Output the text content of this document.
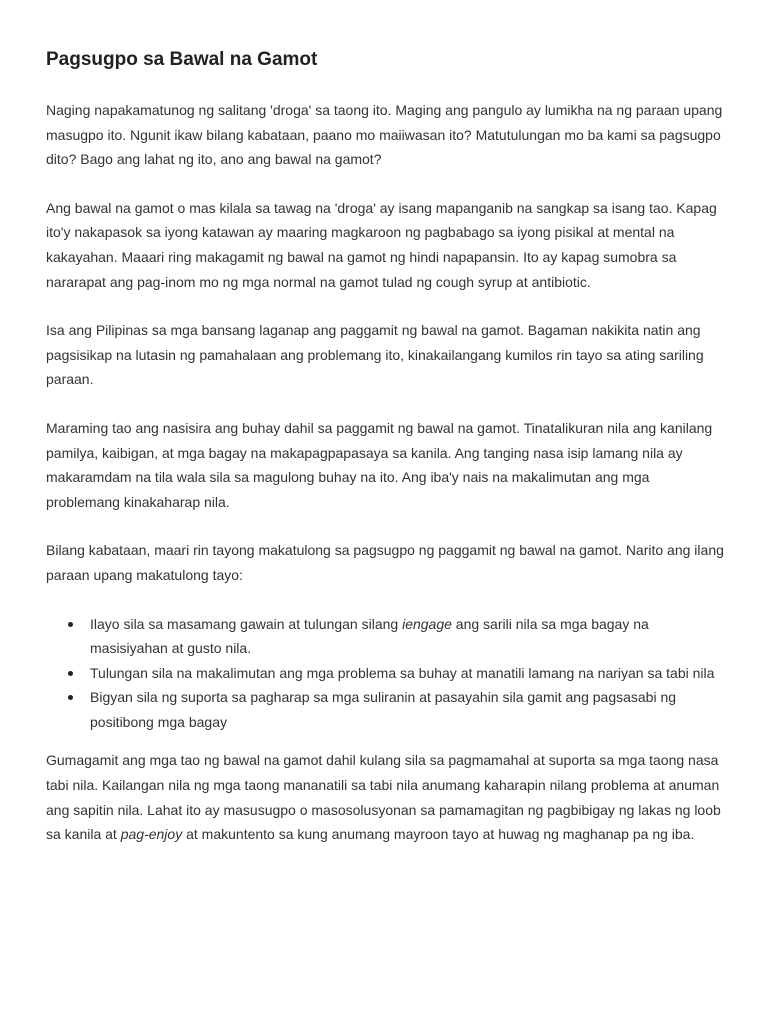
Pagsugpo sa Bawal na Gamot

Naging napakamatunog ng salitang 'droga' sa taong ito. Maging ang pangulo ay lumikha na ng paraan upang masugpo ito. Ngunit ikaw bilang kabataan, paano mo maiiwasan ito? Matutulungan mo ba kami sa pagsugpo dito? Bago ang lahat ng ito, ano ang bawal na gamot?

Ang bawal na gamot o mas kilala sa tawag na 'droga' ay isang mapanganib na sangkap sa isang tao. Kapag ito'y nakapasok sa iyong katawan ay maaring magkaroon ng pagbabago sa iyong pisikal at mental na kakayahan. Maaari ring makagamit ng bawal na gamot ng hindi napapansin. Ito ay kapag sumobra sa nararapat ang pag-inom mo ng mga normal na gamot tulad ng cough syrup at antibiotic.

Isa ang Pilipinas sa mga bansang laganap ang paggamit ng bawal na gamot. Bagaman nakikita natin ang pagsisikap na lutasin ng pamahalaan ang problemang ito, kinakailangang kumilos rin tayo sa ating sariling paraan.

Maraming tao ang nasisira ang buhay dahil sa paggamit ng bawal na gamot. Tinatalikuran nila ang kanilang pamilya, kaibigan, at mga bagay na makapagpapasaya sa kanila. Ang tanging nasa isip lamang nila ay makaramdam na tila wala sila sa magulong buhay na ito. Ang iba'y nais na makalimutan ang mga problemang kinakaharap nila.

Bilang kabataan, maari rin tayong makatulong sa pagsugpo ng paggamit ng bawal na gamot. Narito ang ilang paraan upang makatulong tayo:

Ilayo sila sa masamang gawain at tulungan silang iengage ang sarili nila sa mga bagay na masisiyahan at gusto nila.
Tulungan sila na makalimutan ang mga problema sa buhay at manatili lamang na nariyan sa tabi nila
Bigyan sila ng suporta sa pagharap sa mga suliranin at pasayahin sila gamit ang pagsasabi ng positibong mga bagay

Gumagamit ang mga tao ng bawal na gamot dahil kulang sila sa pagmamahal at suporta sa mga taong nasa tabi nila. Kailangan nila ng mga taong mananatili sa tabi nila anumang kaharapin nilang problema at anuman ang sapitin nila. Lahat ito ay masusugpo o masosolusyonan sa pamamagitan ng pagbibigay ng lakas ng loob sa kanila at pag-enjoy at makuntento sa kung anumang mayroon tayo at huwag ng maghanap pa ng iba.
